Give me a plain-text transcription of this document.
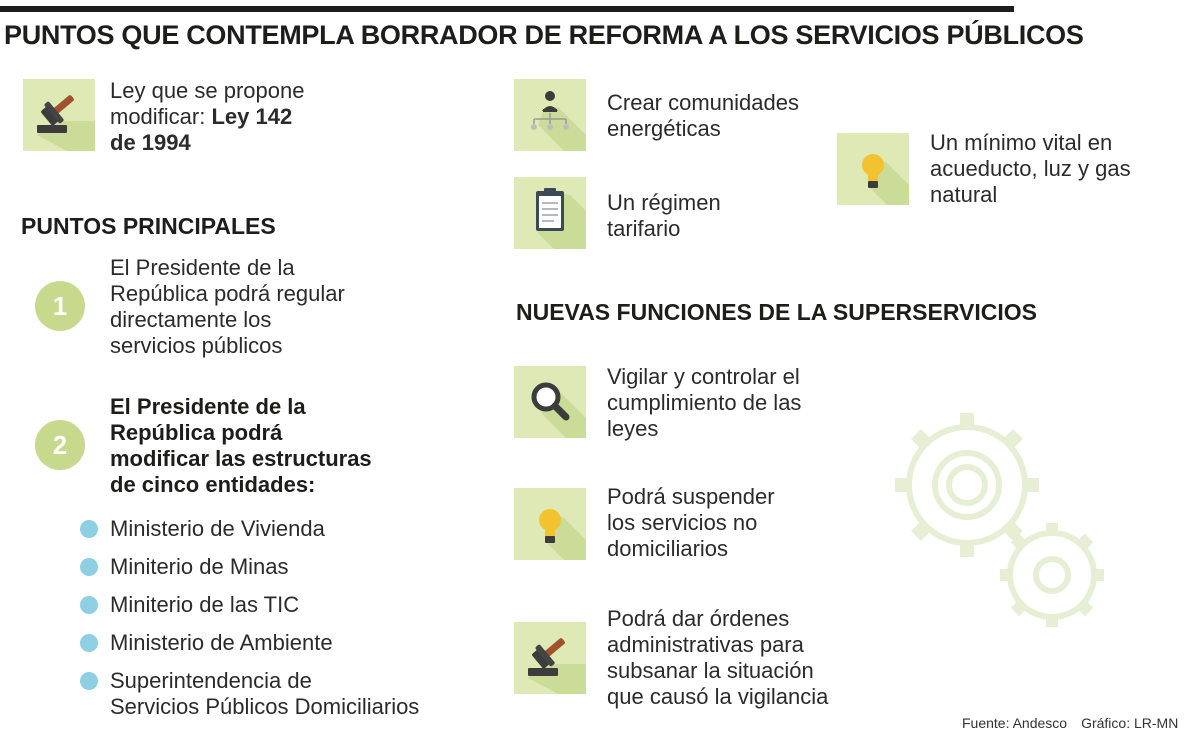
PUNTOS QUE CONTEMPLA BORRADOR DE REFORMA A LOS SERVICIOS PÚBLICOS
Ley que se propone
modificar: Ley 142
de 1994
PUNTOS PRINCIPALES
1
El Presidente de la
República podrá regular
directamente los
servicios públicos
2
El Presidente de la
República podrá
modificar las estructuras
de cinco entidades:
Ministerio de Vivienda
Miniterio de Minas
Miniterio de las TIC
Ministerio de Ambiente
Superintendencia de
Servicios Públicos Domiciliarios
Crear comunidades
energéticas
Un régimen
tarifario
Un mínimo vital en
acueducto, luz y gas
natural
NUEVAS FUNCIONES DE LA SUPERSERVICIOS
Vigilar y controlar el
cumplimiento de las
leyes
Podrá suspender
los servicios no
domiciliarios
Podrá dar órdenes
administrativas para
subsanar la situación
que causó la vigilancia
Fuente: Andesco Gráfico: LR-MN
